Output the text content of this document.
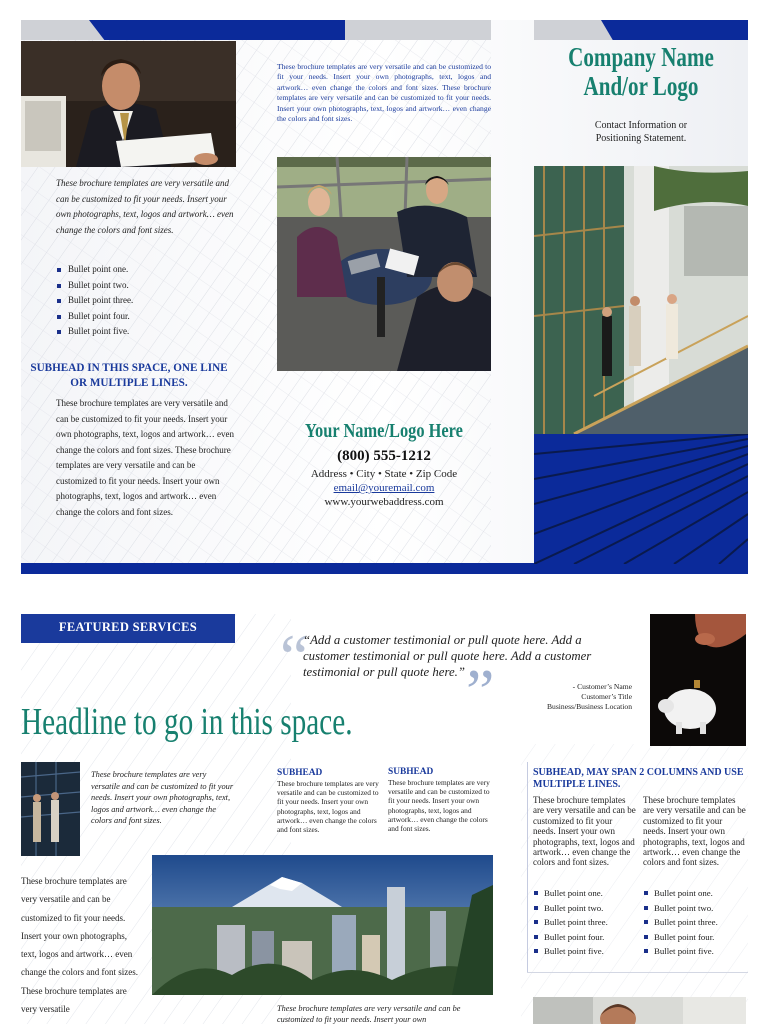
These brochure templates are very versatile and can be customized to fit your needs. Insert your own photographs, text, logos and artwork… even change the colors and font sizes.

Bullet point one.
Bullet point two.
Bullet point three.
Bullet point four.
Bullet point five.
SUBHEAD IN THIS SPACE, ONE LINE OR MULTIPLE LINES.

These brochure templates are very versatile and can be customized to fit your needs. Insert your own photographs, text, logos and artwork… even change the colors and font sizes. These brochure templates are very versatile and can be customized to fit your needs. Insert your own photographs, text, logos and artwork… even change the colors and font sizes.

These brochure templates are very versatile and can be customized to fit your needs. Insert your own photographs, text, logos and artwork… even change the colors and font sizes. These brochure templates are very versatile and can be customized to fit your needs. Insert your own photographs, text, logos and artwork… even change the colors and font sizes.

Your Name/Logo Here
(800) 555-1212
Address • City • State • Zip Code
email@youremail.com
www.yourwebaddress.com
Company Name
And/or Logo
Contact Information or
Positioning Statement.
FEATURED SERVICES	“ ”

“Add a customer testimonial or pull quote here. Add a customer testimonial or pull quote here. Add a customer testimonial or pull quote here.”

- Customer’s Name
Customer’s Title
Business/Business Location
Headline to go in this space.

These brochure templates are very versatile and can be customized to fit your needs. Insert your own photographs, text, logos and artwork… even change the colors and font sizes.

SUBHEAD
These brochure templates are very versatile and can be customized to fit your needs. Insert your own photographs, text, logos and artwork… even change the colors and font sizes.
SUBHEAD
These brochure templates are very versatile and can be customized to fit your needs. Insert your own photographs, text, logos and artwork… even change the colors and font sizes.

These brochure templates are very versatile and can be customized to fit your needs. Insert your own photographs, text, logos and artwork… even change the colors and font sizes. These brochure templates are very versatile	These brochure templates are very versatile and can be customized to fit your needs. Insert your own

SUBHEAD, MAY SPAN 2 COLUMNS AND USE MULTIPLE LINES.

These brochure templates are very versatile and can be customized to fit your needs. Insert your own photographs, text, logos and artwork… even change the colors and font sizes.

These brochure templates are very versatile and can be customized to fit your needs. Insert your own photographs, text, logos and artwork… even change the colors and font sizes.

Bullet point one.
Bullet point two.
Bullet point three.
Bullet point four.
Bullet point five.
Bullet point one.
Bullet point two.
Bullet point three.
Bullet point four.
Bullet point five.
